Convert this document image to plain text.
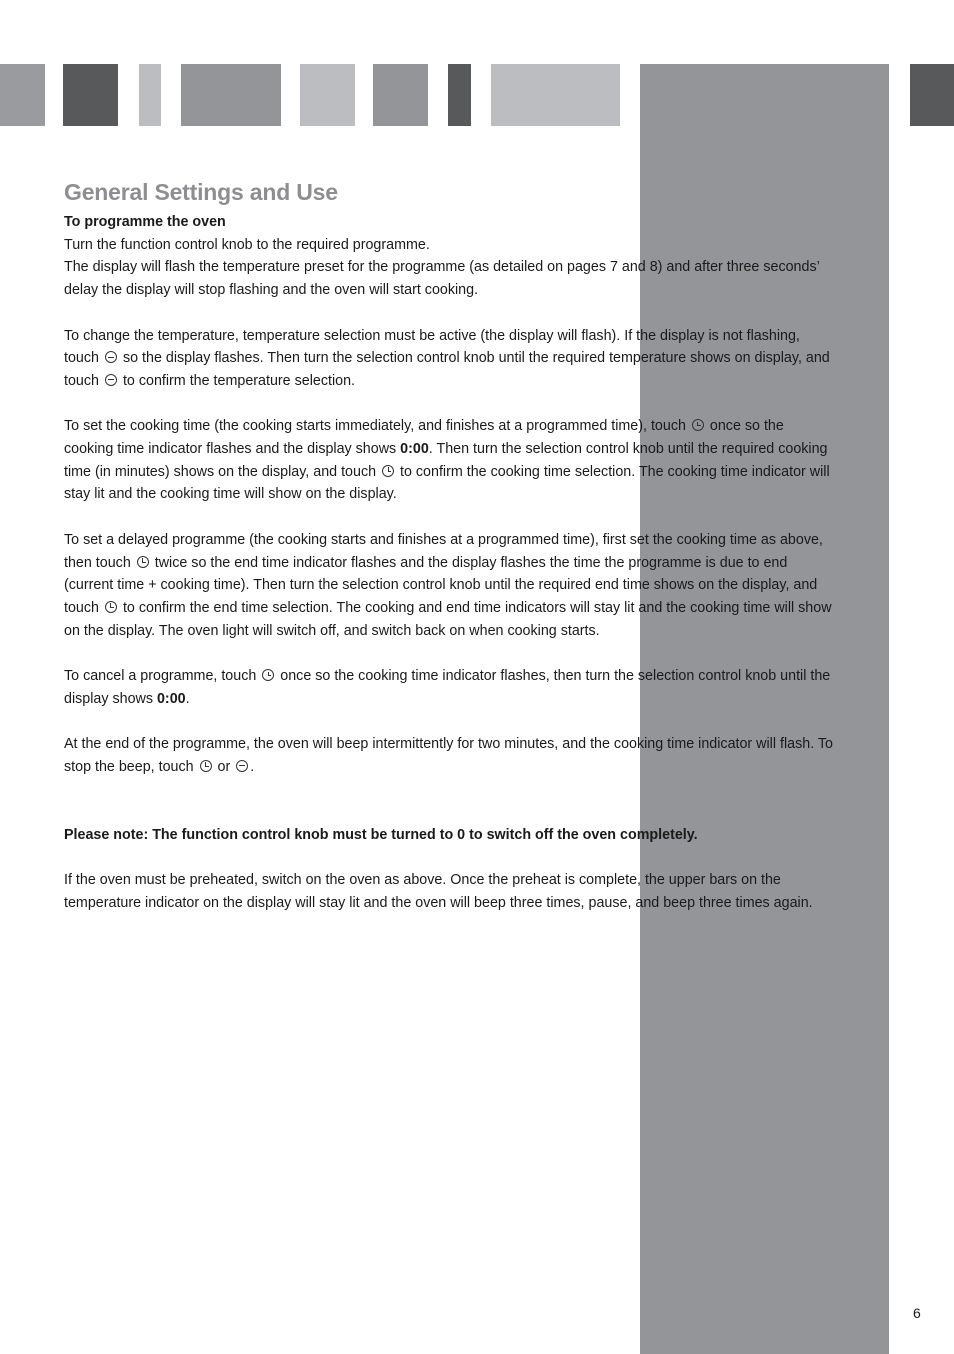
General Settings and Use

To programme the oven

Turn the function control knob to the required programme.
The display will flash the temperature preset for the programme (as detailed on pages 7 and 8) and after three seconds’ delay the display will stop flashing and the oven will start cooking.

To change the temperature, temperature selection must be active (the display will flash). If the display is not flashing, touch so the display flashes. Then turn the selection control knob until the required temperature shows on display, and touch to confirm the temperature selection.

To set the cooking time (the cooking starts immediately, and finishes at a programmed time), touch once so the cooking time indicator flashes and the display shows 0:00. Then turn the selection control knob until the required cooking time (in minutes) shows on the display, and touch to confirm the cooking time selection. The cooking time indicator will stay lit and the cooking time will show on the display.

To set a delayed programme (the cooking starts and finishes at a programmed time), first set the cooking time as above, then touch twice so the end time indicator flashes and the display flashes the time the programme is due to end (current time + cooking time). Then turn the selection control knob until the required end time shows on the display, and touch to confirm the end time selection. The cooking and end time indicators will stay lit and the cooking time will show on the display. The oven light will switch off, and switch back on when cooking starts.

To cancel a programme, touch once so the cooking time indicator flashes, then turn the selection control knob until the display shows 0:00.

At the end of the programme, the oven will beep intermittently for two minutes, and the cooking time indicator will flash. To stop the beep, touch or .

Please note: The function control knob must be turned to 0 to switch off the oven completely.

If the oven must be preheated, switch on the oven as above. Once the preheat is complete, the upper bars on the temperature indicator on the display will stay lit and the oven will beep three times, pause, and beep three times again.

6
